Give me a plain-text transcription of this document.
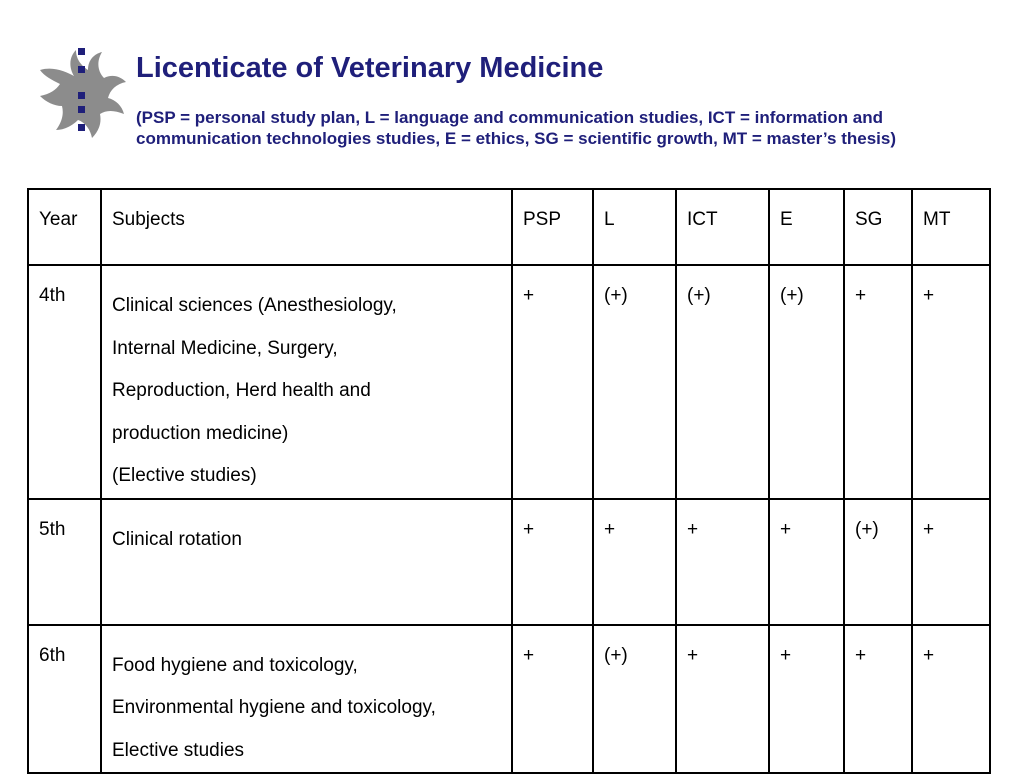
Licenticate of Veterinary Medicine

(PSP = personal study plan, L = language and communication studies, ICT = information and communication technologies studies, E = ethics, SG = scientific growth, MT = master’s thesis)

Year	Subjects	PSP	L	ICT	E	SG	MT
4th	Clinical sciences (Anesthesiology,
Internal Medicine, Surgery,
Reproduction, Herd health and
production medicine)
(Elective studies)	+	(+)	(+)	(+)	+	+
5th	Clinical rotation	+	+	+	+	(+)	+
6th	Food hygiene and toxicology,
Environmental hygiene and toxicology,
Elective studies	+	(+)	+	+	+	+
